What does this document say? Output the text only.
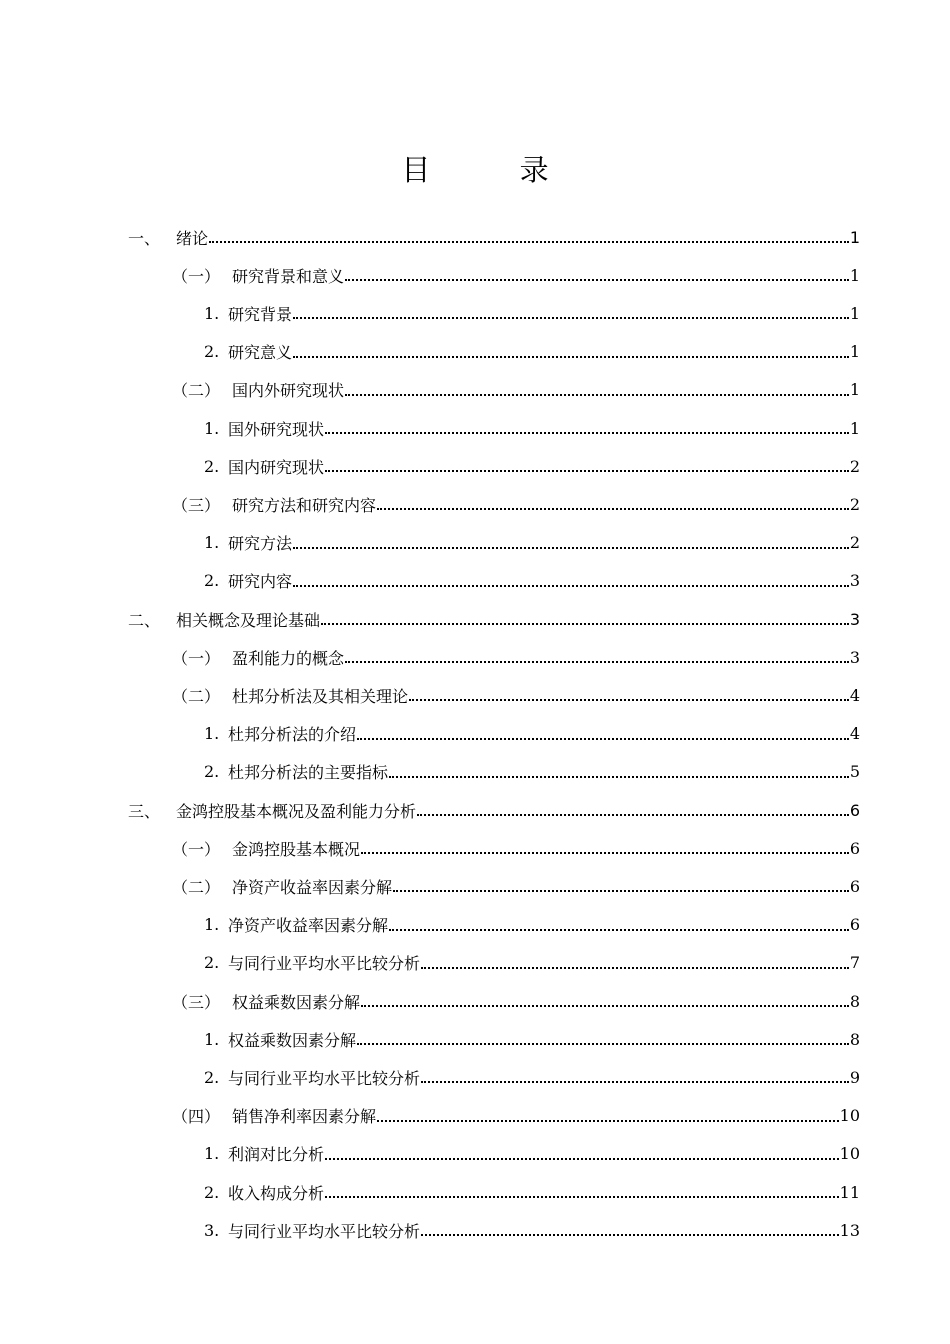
目 录
一、 绪论	1
（一） 研究背景和意义	1
1. 研究背景	1
2. 研究意义	1
（二） 国内外研究现状	1
1. 国外研究现状	1
2. 国内研究现状	2
（三） 研究方法和研究内容	2
1. 研究方法	2
2. 研究内容	3
二、 相关概念及理论基础	3
（一） 盈利能力的概念	3
（二） 杜邦分析法及其相关理论	4
1. 杜邦分析法的介绍	4
2. 杜邦分析法的主要指标	5
三、 金鸿控股基本概况及盈利能力分析	6
（一） 金鸿控股基本概况	6
（二） 净资产收益率因素分解	6
1. 净资产收益率因素分解	6
2. 与同行业平均水平比较分析	7
（三） 权益乘数因素分解	8
1. 权益乘数因素分解	8
2. 与同行业平均水平比较分析	9
（四） 销售净利率因素分解	10
1. 利润对比分析	10
2. 收入构成分析	11
3. 与同行业平均水平比较分析	13
